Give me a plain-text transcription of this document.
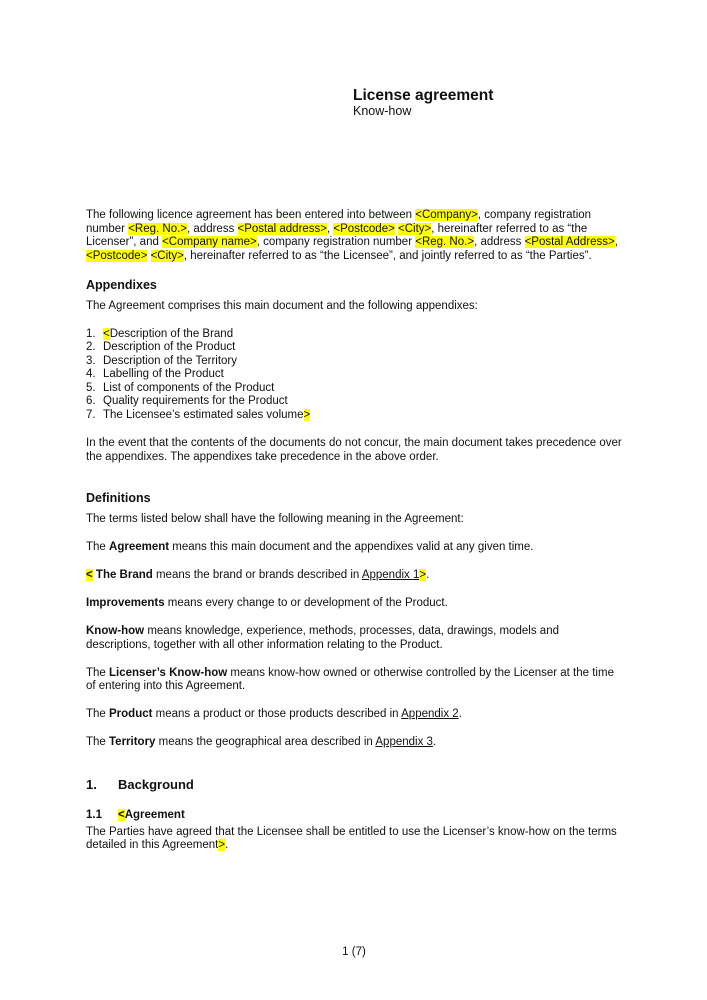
License agreement
Know-how

The following licence agreement has been entered into between <Company>, company registration number <Reg. No.>, address <Postal address>, <Postcode> <City>, hereinafter referred to as “the Licenser”, and <Company name>, company registration number <Reg. No.>, address <Postal Address>, <Postcode> <City>, hereinafter referred to as “the Licensee”, and jointly referred to as “the Parties”.

Appendixes

The Agreement comprises this main document and the following appendixes:

1. <Description of the Brand
2. Description of the Product
3. Description of the Territory
4. Labelling of the Product
5. List of components of the Product
6. Quality requirements for the Product
7. The Licensee’s estimated sales volume>

In the event that the contents of the documents do not concur, the main document takes precedence over the appendixes. The appendixes take precedence in the above order.

Definitions

The terms listed below shall have the following meaning in the Agreement:

The Agreement means this main document and the appendixes valid at any given time.

< The Brand means the brand or brands described in Appendix 1>.

Improvements means every change to or development of the Product.

Know-how means knowledge, experience, methods, processes, data, drawings, models and descriptions, together with all other information relating to the Product.

The Licenser’s Know-how means know-how owned or otherwise controlled by the Licenser at the time of entering into this Agreement.

The Product means a product or those products described in Appendix 2.

The Territory means the geographical area described in Appendix 3.

1. Background
1.1 <Agreement

The Parties have agreed that the Licensee shall be entitled to use the Licenser’s know-how on the terms detailed in this Agreement>.

1 (7)
